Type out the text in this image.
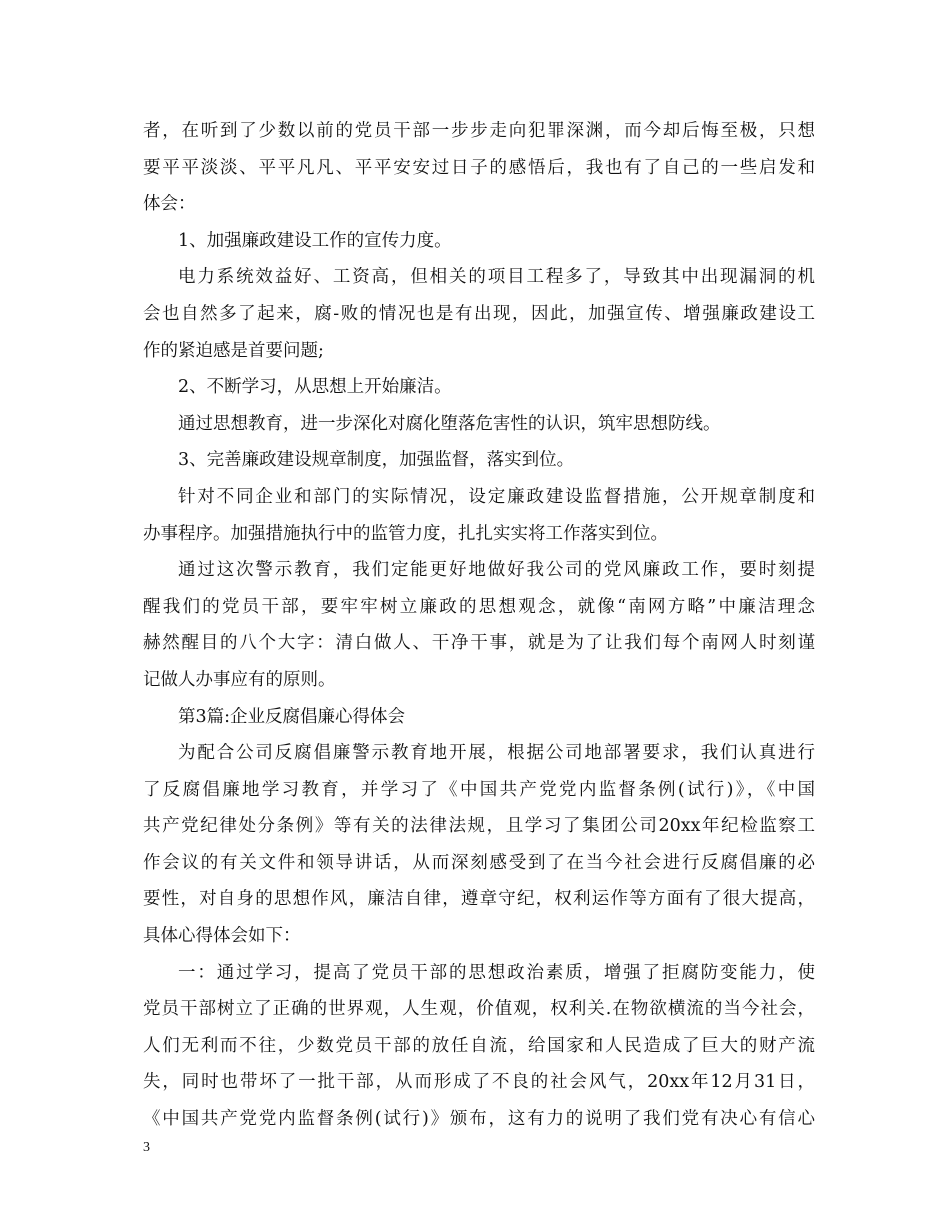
者，在听到了少数以前的党员干部一步步走向犯罪深渊，而今却后悔至极，只想
要平平淡淡、平平凡凡、平平安安过日子的感悟后，我也有了自己的一些启发和
体会：
1、加强廉政建设工作的宣传力度。
电力系统效益好、工资高，但相关的项目工程多了，导致其中出现漏洞的机
会也自然多了起来，腐-败的情况也是有出现，因此，加强宣传、增强廉政建设工
作的紧迫感是首要问题;
2、不断学习，从思想上开始廉洁。
通过思想教育，进一步深化对腐化堕落危害性的认识，筑牢思想防线。
3、完善廉政建设规章制度，加强监督，落实到位。
针对不同企业和部门的实际情况，设定廉政建设监督措施，公开规章制度和
办事程序。加强措施执行中的监管力度，扎扎实实将工作落实到位。
通过这次警示教育，我们定能更好地做好我公司的党风廉政工作，要时刻提
醒我们的党员干部，要牢牢树立廉政的思想观念，就像“南网方略”中廉洁理念
赫然醒目的八个大字：清白做人、干净干事，就是为了让我们每个南网人时刻谨
记做人办事应有的原则。
第3篇:企业反腐倡廉心得体会
为配合公司反腐倡廉警示教育地开展，根据公司地部署要求，我们认真进行
了反腐倡廉地学习教育，并学习了《中国共产党党内监督条例(试行)》，《中国
共产党纪律处分条例》等有关的法律法规，且学习了集团公司20xx年纪检监察工
作会议的有关文件和领导讲话，从而深刻感受到了在当今社会进行反腐倡廉的必
要性，对自身的思想作风，廉洁自律，遵章守纪，权利运作等方面有了很大提高，
具体心得体会如下：
一：通过学习，提高了党员干部的思想政治素质，增强了拒腐防变能力，使
党员干部树立了正确的世界观，人生观，价值观，权利关.在物欲横流的当今社会，
人们无利而不往，少数党员干部的放任自流，给国家和人民造成了巨大的财产流
失，同时也带坏了一批干部，从而形成了不良的社会风气，20xx年12月31日，
《中国共产党党内监督条例(试行)》颁布，这有力的说明了我们党有决心有信心
3
